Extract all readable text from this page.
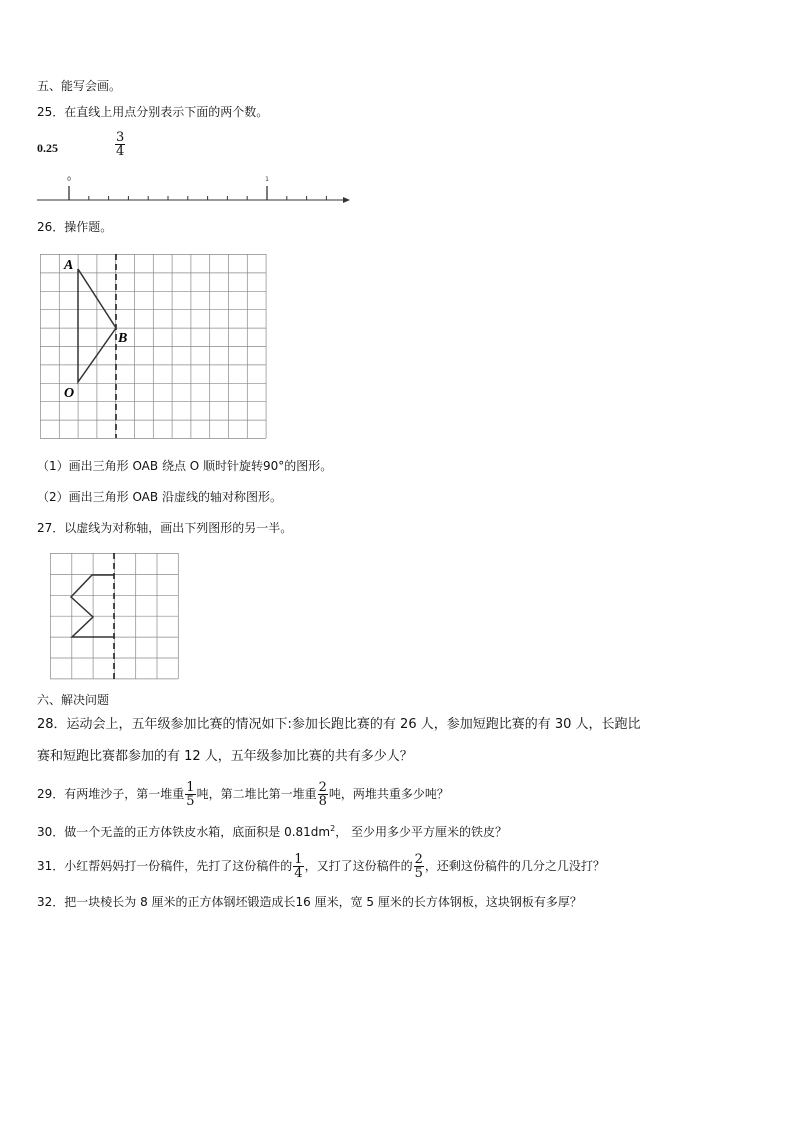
五、能写会画。
25．在直线上用点分别表示下面的两个数。
0.25	$\frac{3}{4}$
0	1
26．操作题。
A
B
O
（1）画出三角形 OAB 绕点 O 顺时针旋转90°的图形。
（2）画出三角形 OAB 沿虚线的轴对称图形。
27．以虚线为对称轴，画出下列图形的另一半。
六、解决问题
28．运动会上，五年级参加比赛的情况如下:参加长跑比赛的有 26 人，参加短跑比赛的有 30 人，长跑比
赛和短跑比赛都参加的有 12 人，五年级参加比赛的共有多少人？
29．有两堆沙子，第一堆重 $\frac{1}{5}$ 吨，第二堆比第一堆重 $\frac{2}{8}$ 吨，两堆共重多少吨？
30．做一个无盖的正方体铁皮水箱，底面积是 $0.81dm^2$， 至少用多少平方厘米的铁皮？
31．小红帮妈妈打一份稿件，先打了这份稿件的 $\frac{1}{4}$ ，又打了这份稿件的 $\frac{2}{5}$ ，还剩这份稿件的几分之几没打？
32．把一块棱长为 8 厘米的正方体钢坯锻造成长16 厘米，宽 5 厘米的长方体钢板，这块钢板有多厚？
